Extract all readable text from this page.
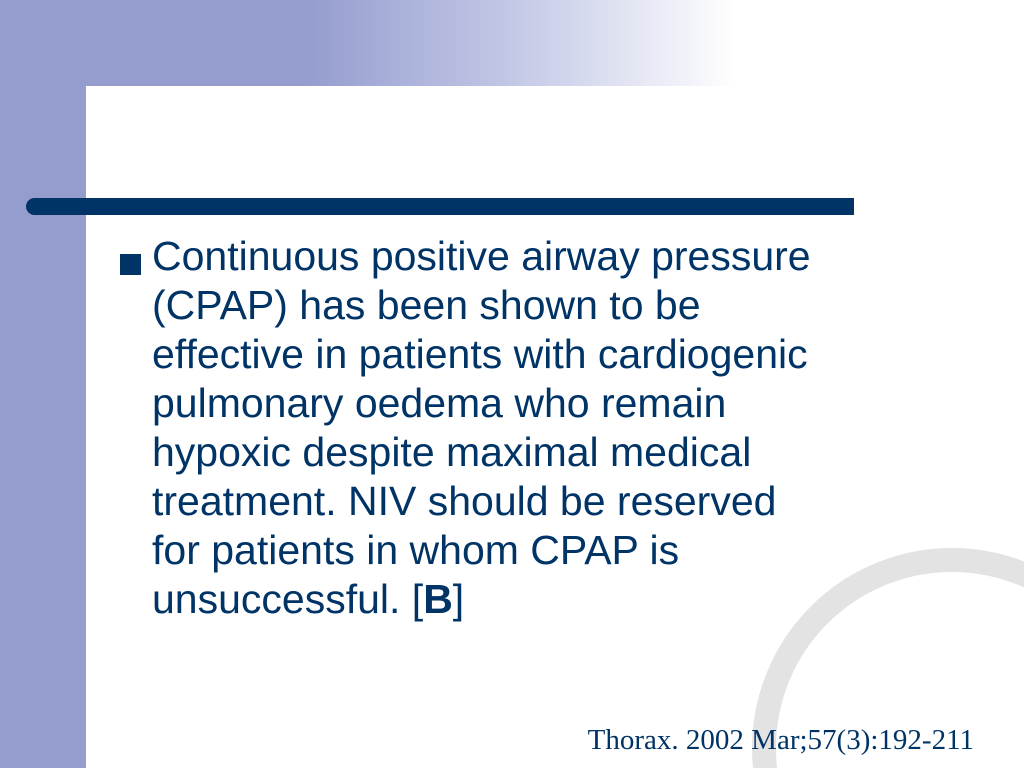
Continuous positive airway pressure
(CPAP) has been shown to be
effective in patients with cardiogenic
pulmonary oedema who remain
hypoxic despite maximal medical
treatment. NIV should be reserved
for patients in whom CPAP is
unsuccessful. [B]

Thorax. 2002 Mar;57(3):192-211
